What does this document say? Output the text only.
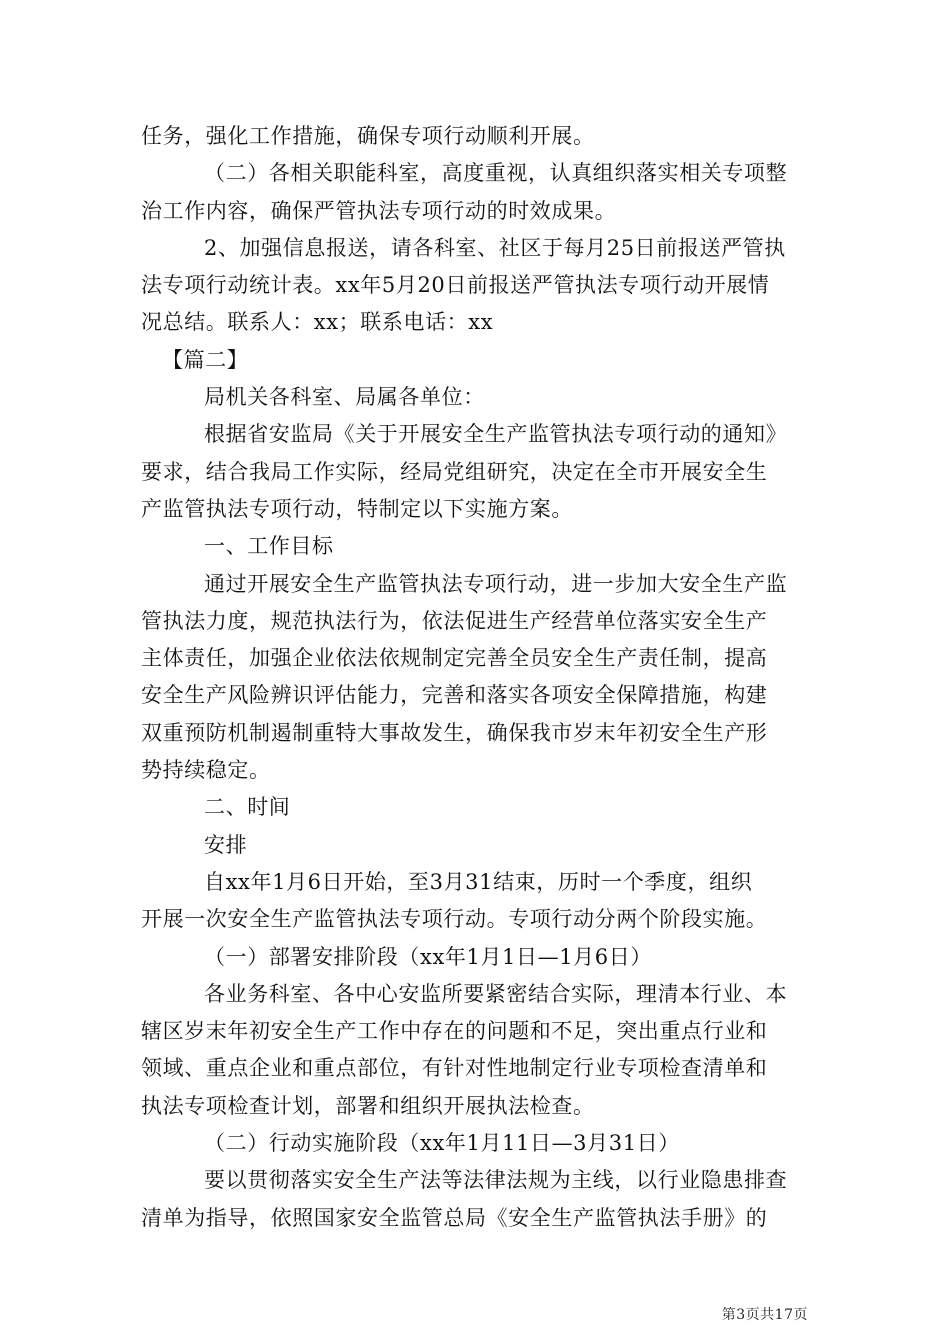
任务，强化工作措施，确保专项行动顺利开展。

（二）各相关职能科室，高度重视，认真组织落实相关专项整

治工作内容，确保严管执法专项行动的时效成果。

2、加强信息报送，请各科室、社区于每月25日前报送严管执

法专项行动统计表。xx年5月20日前报送严管执法专项行动开展情

况总结。联系人：xx；联系电话：xx

【篇二】

局机关各科室、局属各单位：

根据省安监局《关于开展安全生产监管执法专项行动的通知》

要求，结合我局工作实际，经局党组研究，决定在全市开展安全生

产监管执法专项行动，特制定以下实施方案。

一、工作目标

通过开展安全生产监管执法专项行动，进一步加大安全生产监

管执法力度，规范执法行为，依法促进生产经营单位落实安全生产

主体责任，加强企业依法依规制定完善全员安全生产责任制，提高

安全生产风险辨识评估能力，完善和落实各项安全保障措施，构建

双重预防机制遏制重特大事故发生，确保我市岁末年初安全生产形

势持续稳定。

二、时间

安排

自xx年1月6日开始，至3月31结束，历时一个季度，组织

开展一次安全生产监管执法专项行动。专项行动分两个阶段实施。

（一）部署安排阶段（xx年1月1日—1月6日）

各业务科室、各中心安监所要紧密结合实际，理清本行业、本

辖区岁末年初安全生产工作中存在的问题和不足，突出重点行业和

领域、重点企业和重点部位，有针对性地制定行业专项检查清单和

执法专项检查计划，部署和组织开展执法检查。

（二）行动实施阶段（xx年1月11日—3月31日）

要以贯彻落实安全生产法等法律法规为主线，以行业隐患排查

清单为指导，依照国家安全监管总局《安全生产监管执法手册》的

第3页共17页
